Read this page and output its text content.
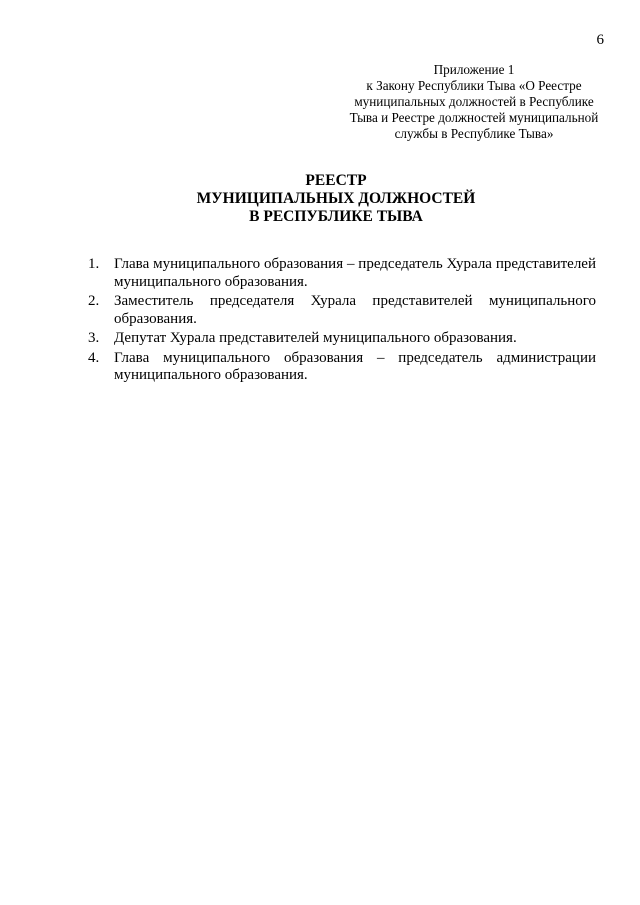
6
Приложение 1
к Закону Республики Тыва «О Реестре
муниципальных должностей в Республике
Тыва и Реестре должностей муниципальной
службы в Республике Тыва»
РЕЕСТР
МУНИЦИПАЛЬНЫХ ДОЛЖНОСТЕЙ
В РЕСПУБЛИКЕ ТЫВА
1. Глава муниципального образования – председатель Хурала представителей муниципального образования.
2. Заместитель председателя Хурала представителей муниципального образования.
3. Депутат Хурала представителей муниципального образования.
4. Глава муниципального образования – председатель администрации муниципального образования.
